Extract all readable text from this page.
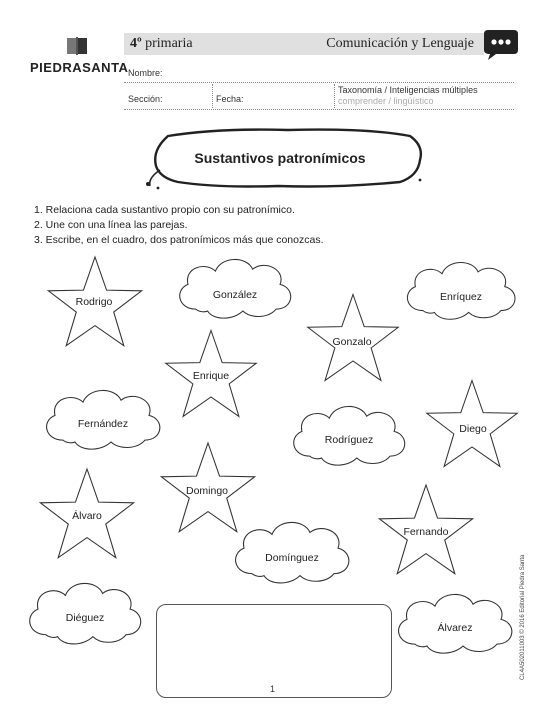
PIEDRASANTA
4º primaria	Comunicación y Lenguaje
Nombre:
Sección:	Fecha:
Taxonomía / Inteligencias múltiples
comprender / lingüístico
Sustantivos patronímicos
1. Relaciona cada sustantivo propio con su patronímico.
2. Une con una línea las parejas.
3. Escribe, en el cuadro, dos patronímicos más que conozcas.
Rodrigo
Gonzalo
Enrique
Diego
Domingo
Álvaro
Fernando
González	Enríquez
Fernández
Rodríguez
Domínguez
Diéguez
Álvarez
1
CL4A502011003 © 2016 Editorial Piedra Santa
